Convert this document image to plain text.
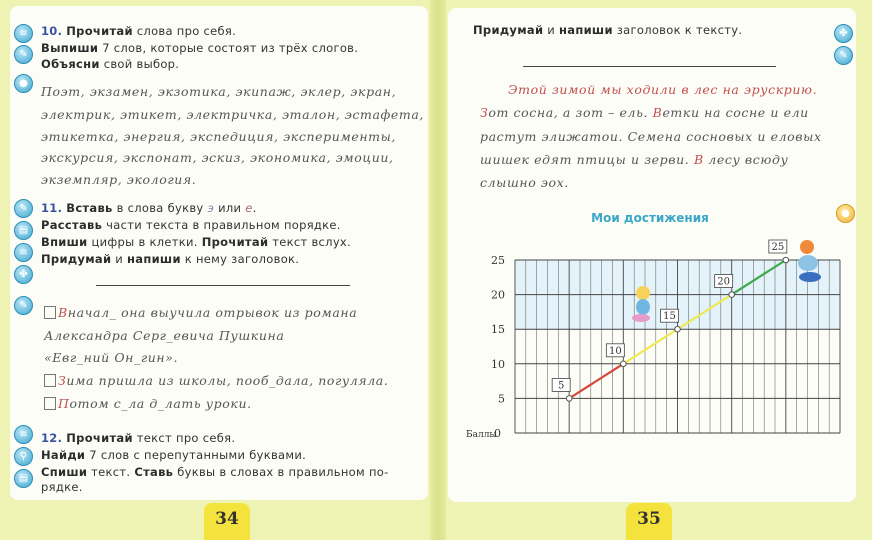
≡
✎
●
✎
▤
≡
✤
✎
≡
⚲
▤
10. Прочитай слова про себя.
Выпиши 7 слов, которые состоят из трёх слогов.
Объясни свой выбор.
Поэт, экзамен, экзотика, экипаж, эклер, экран,
электрик, этикет, электричка, эталон, эстафета,
этикетка, энергия, экспедиция, эксперименты,
экскурсия, экспонат, эскиз, экономика, эмоции,
экземпляр, экология.
11. Вставь в слова букву э или е.
Расставь части текста в правильном порядке.
Впиши цифры в клетки. Прочитай текст вслух.
Придумай и напиши к нему заголовок.
Вначал_ она выучила отрывок из романа
Александра Серг_евича Пушкина
«Евг_ний Он_гин».
Зима пришла из школы, пооб_дала, погуляла.
Потом с_ла д_лать уроки.
12. Прочитай текст про себя.
Найди 7 слов с перепутанными буквами.
Спиши текст. Ставь буквы в словах в правильном по-
рядке.
34
✤
✎
●
Придумай и напиши заголовок к тексту.
Этой зимой мы ходили в лес на эрускрию.
Зот сосна, а зот – ель. Ветки на сосне и ели
растут элижатои. Семена сосновых и еловых
шишек едят птицы и зерви. В лесу всюду
слышно эох.
Мои достижения
0
5
10
15
20
25
Баллы
5
10
15
20
25
35
